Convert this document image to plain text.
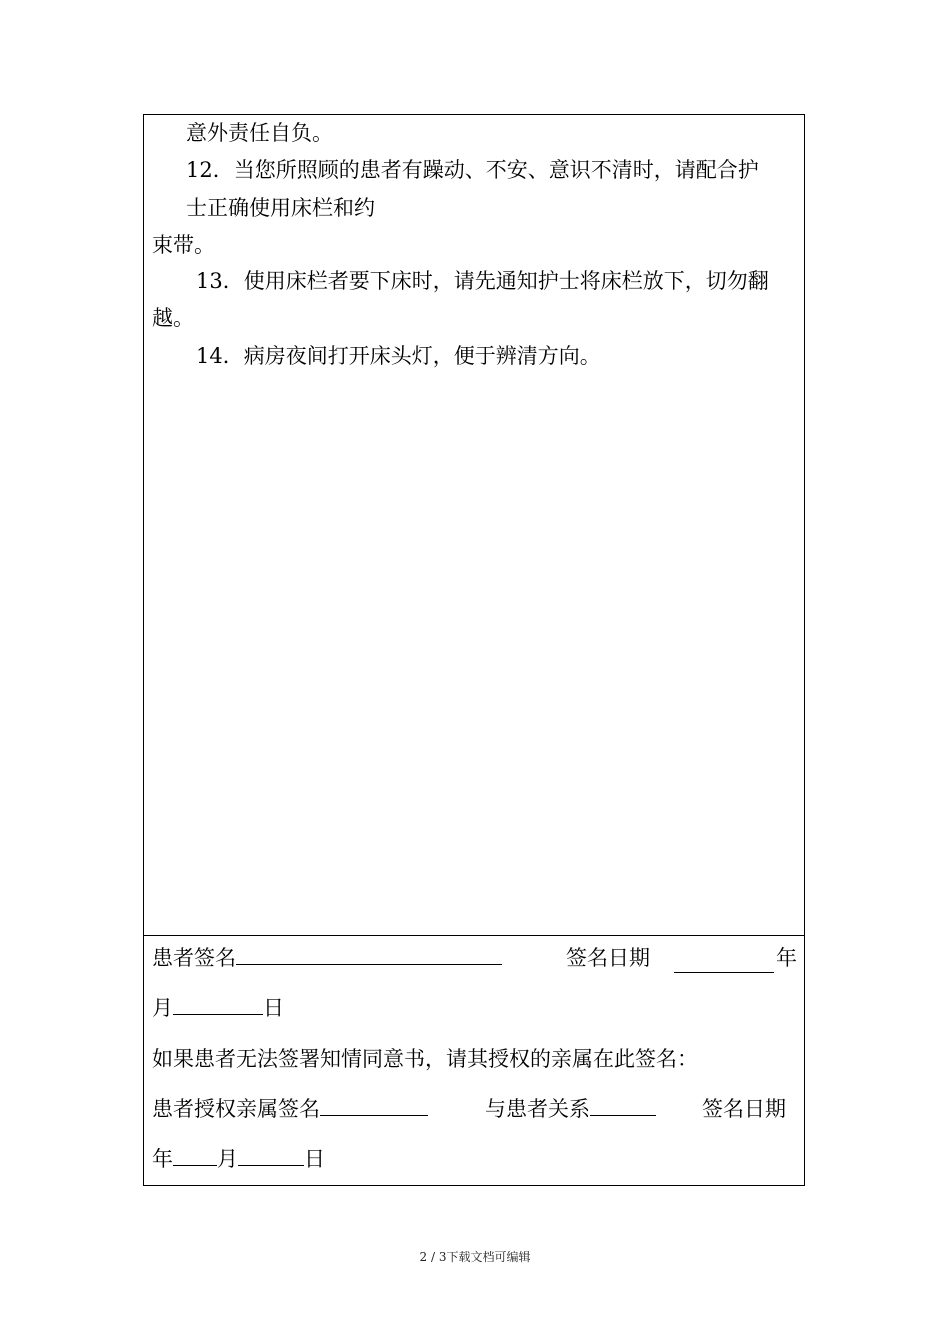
意外责任自负。
12．当您所照顾的患者有躁动、不安、意识不清时，请配合护
士正确使用床栏和约
束带。
13．使用床栏者要下床时，请先通知护士将床栏放下，切勿翻
越。
14．病房夜间打开床头灯，便于辨清方向。
患者签名	签名日期	年
月	日
如果患者无法签署知情同意书，请其授权的亲属在此签名：
患者授权亲属签名	与患者关系	签名日期
年 月	日
2 / 3下载文档可编辑
